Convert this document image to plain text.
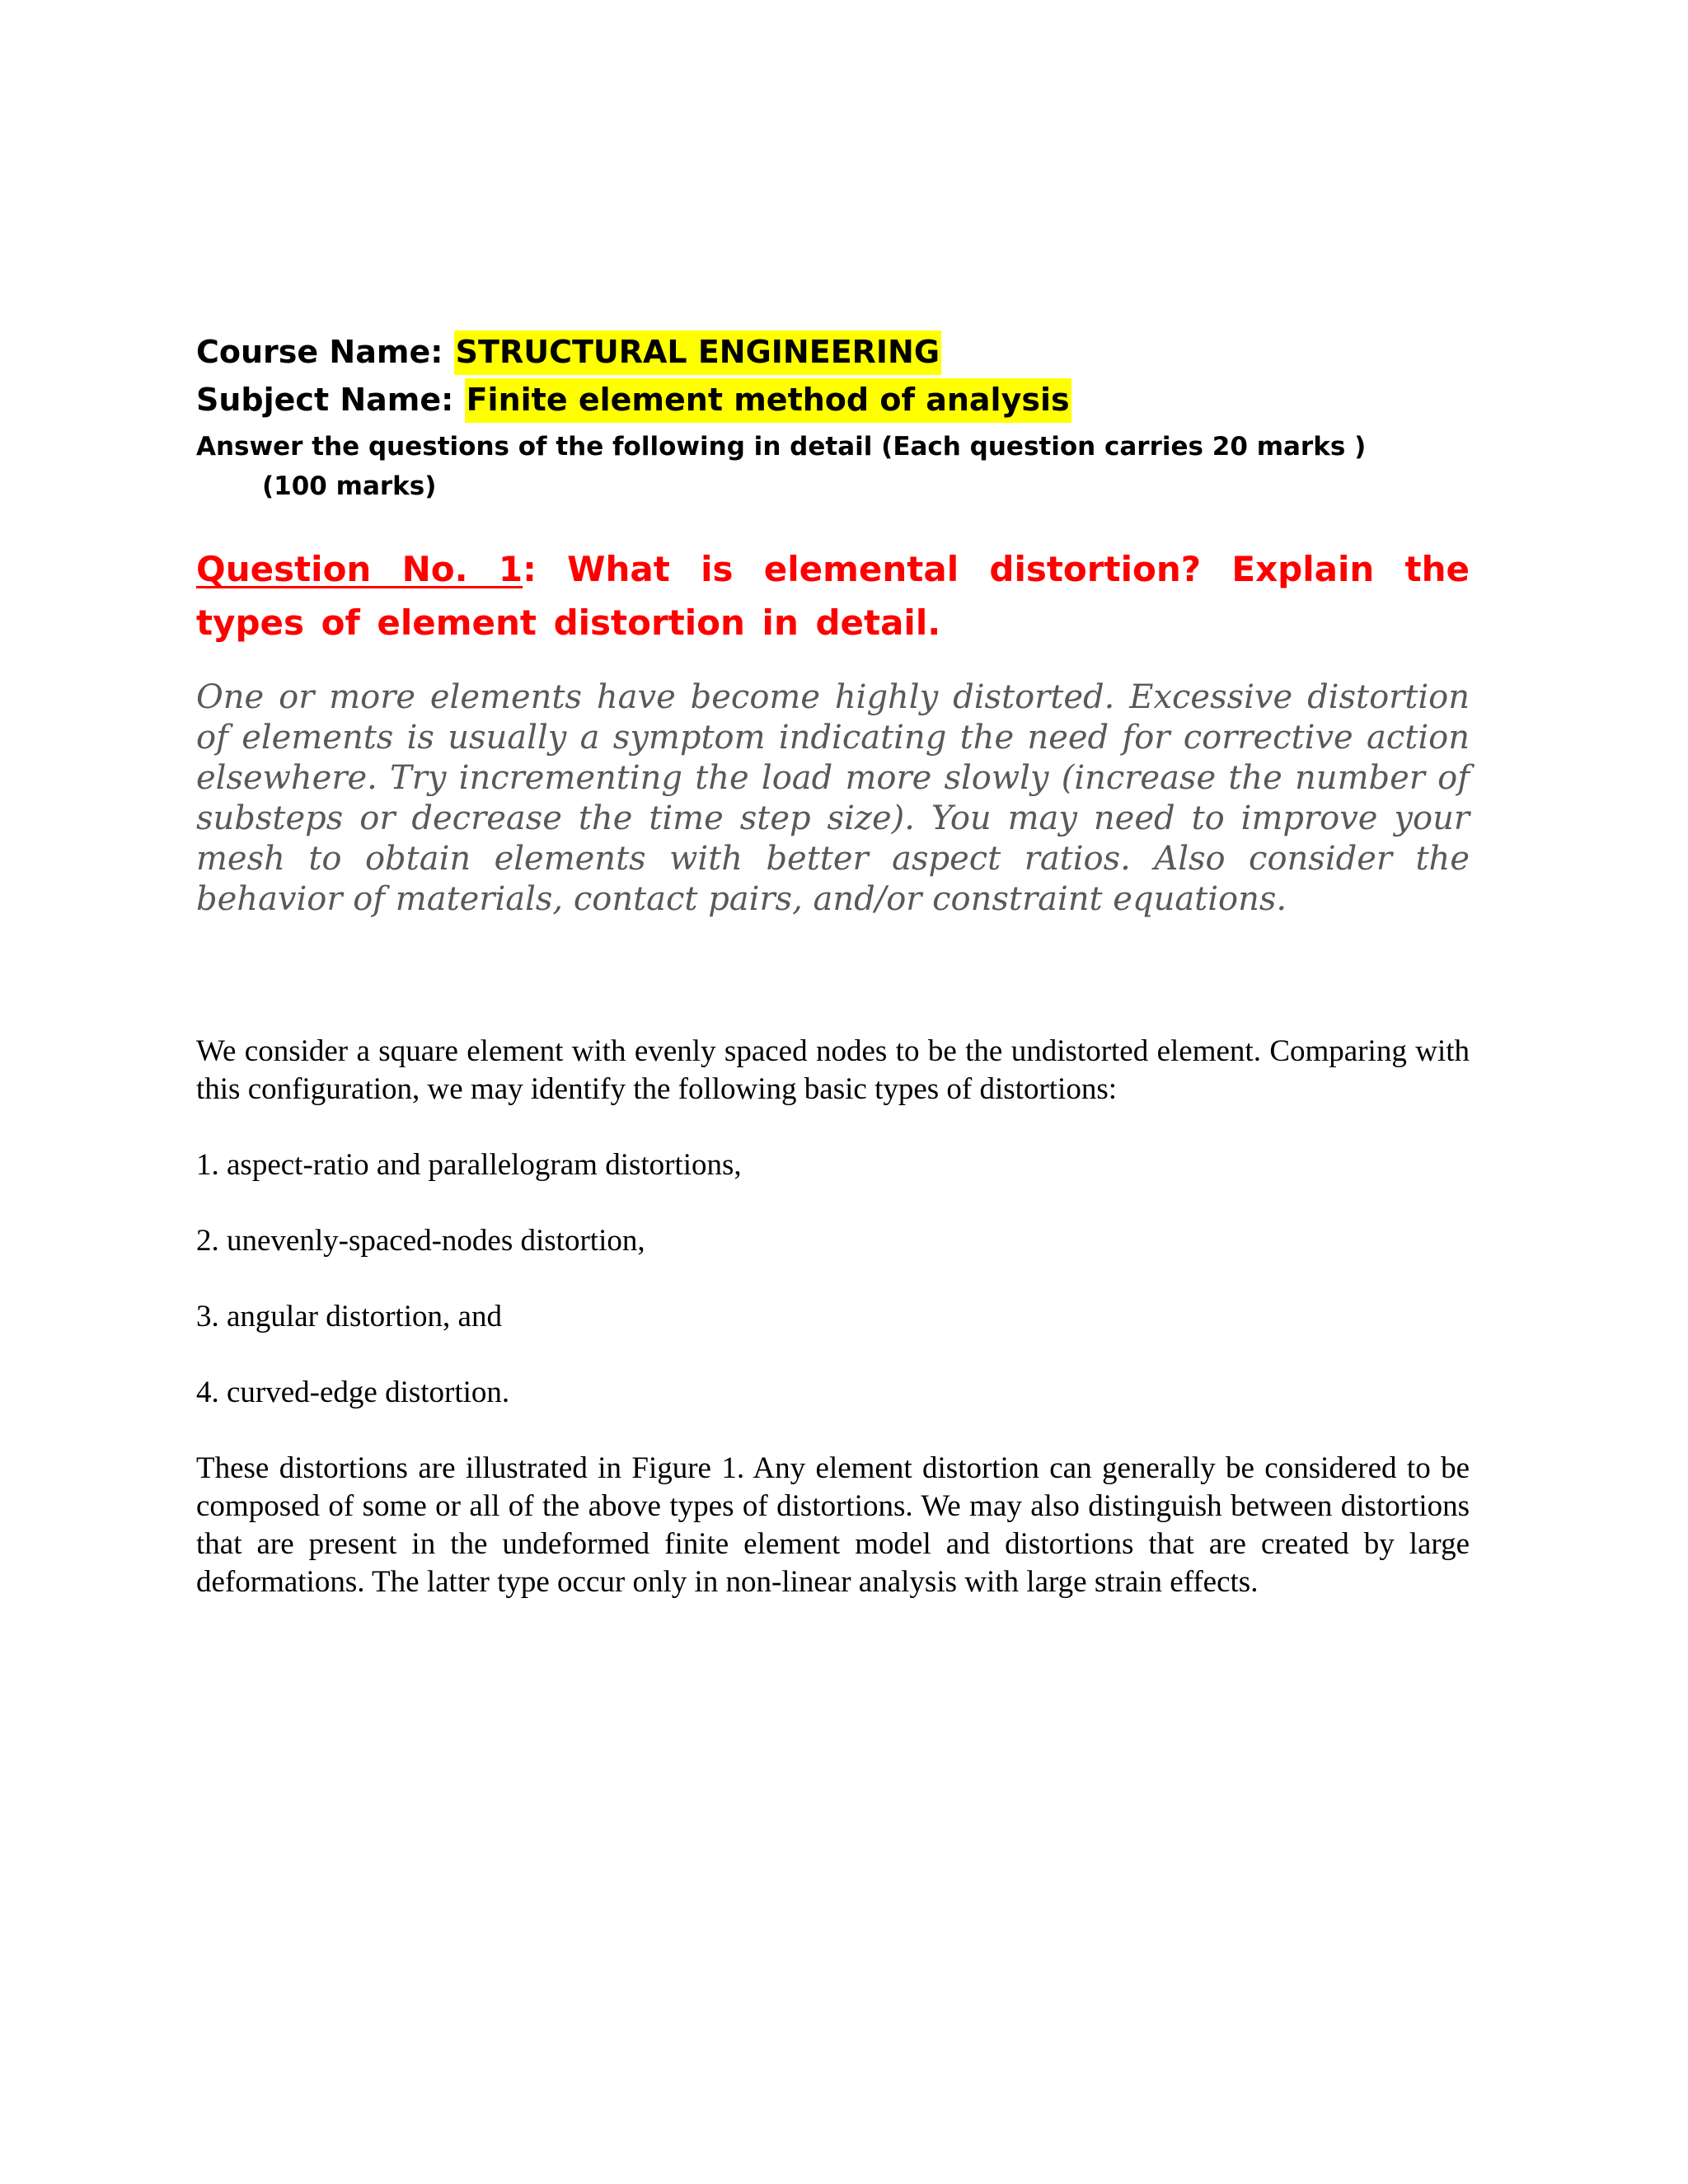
Course Name: STRUCTURAL ENGINEERING
Subject Name: Finite element method of analysis
Answer the questions of the following in detail (Each question carries 20 marks )(100 marks)
Question No. 1: What is elemental distortion? Explain the types of element distortion in detail.
One or more elements have become highly distorted. Excessive distortion of elements is usually a symptom indicating the need for corrective action elsewhere. Try incrementing the load more slowly (increase the number of substeps or decrease the time step size). You may need to improve your mesh to obtain elements with better aspect ratios. Also consider the behavior of materials, contact pairs, and/or constraint equations.

We consider a square element with evenly spaced nodes to be the undistorted element. Comparing with this configuration, we may identify the following basic types of distortions:

1. aspect-ratio and parallelogram distortions,

2. unevenly-spaced-nodes distortion,

3. angular distortion, and

4. curved-edge distortion.

These distortions are illustrated in Figure 1. Any element distortion can generally be considered to be composed of some or all of the above types of distortions. We may also distinguish between distortions that are present in the undeformed finite element model and distortions that are created by large deformations. The latter type occur only in non-linear analysis with large strain effects.
